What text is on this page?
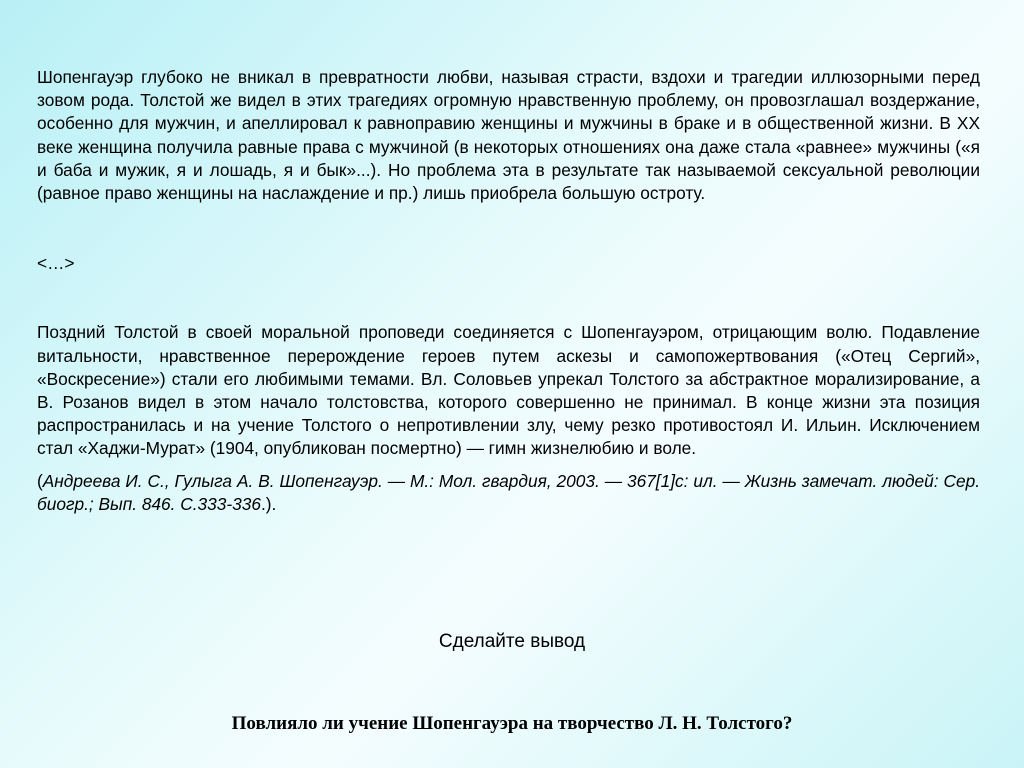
Шопенгауэр глубоко не вникал в превратности любви, называя страсти, вздохи и трагедии иллюзорными перед зовом рода. Толстой же видел в этих трагедиях огромную нравственную проблему, он провозглашал воздержание, особенно для мужчин, и апеллировал к равноправию женщины и мужчины в браке и в общественной жизни. В XX веке женщина получила равные права с мужчиной (в некоторых отношениях она даже стала «равнее» мужчины («я и баба и мужик, я и лошадь, я и бык»...). Но проблема эта в результате так называемой сексуальной революции (равное право женщины на наслаждение и пр.) лишь приобрела большую остроту.

<…>

Поздний Толстой в своей моральной проповеди соединяется с Шопенгауэром, отрицающим волю. Подавление витальности, нравственное перерождение героев путем аскезы и самопожертвования («Отец Сергий», «Воскресение») стали его любимыми темами. Вл. Соловьев упрекал Толстого за абстрактное морализирование, а В. Розанов видел в этом начало толстовства, которого совершенно не принимал. В конце жизни эта позиция распространилась и на учение Толстого о непротивлении злу, чему резко противостоял И. Ильин. Исключением стал «Хаджи-Мурат» (1904, опубликован посмертно) — гимн жизнелюбию и воле.

(Андреева И. С., Гулыга А. В. Шопенгауэр. — М.: Мол. гвардия, 2003. — 367[1]с: ил. — Жизнь замечат. людей: Сер. биогр.; Вып. 846. С.333-336.).

Сделайте вывод
Повлияло ли учение Шопенгауэра на творчество Л. Н. Толстого?
